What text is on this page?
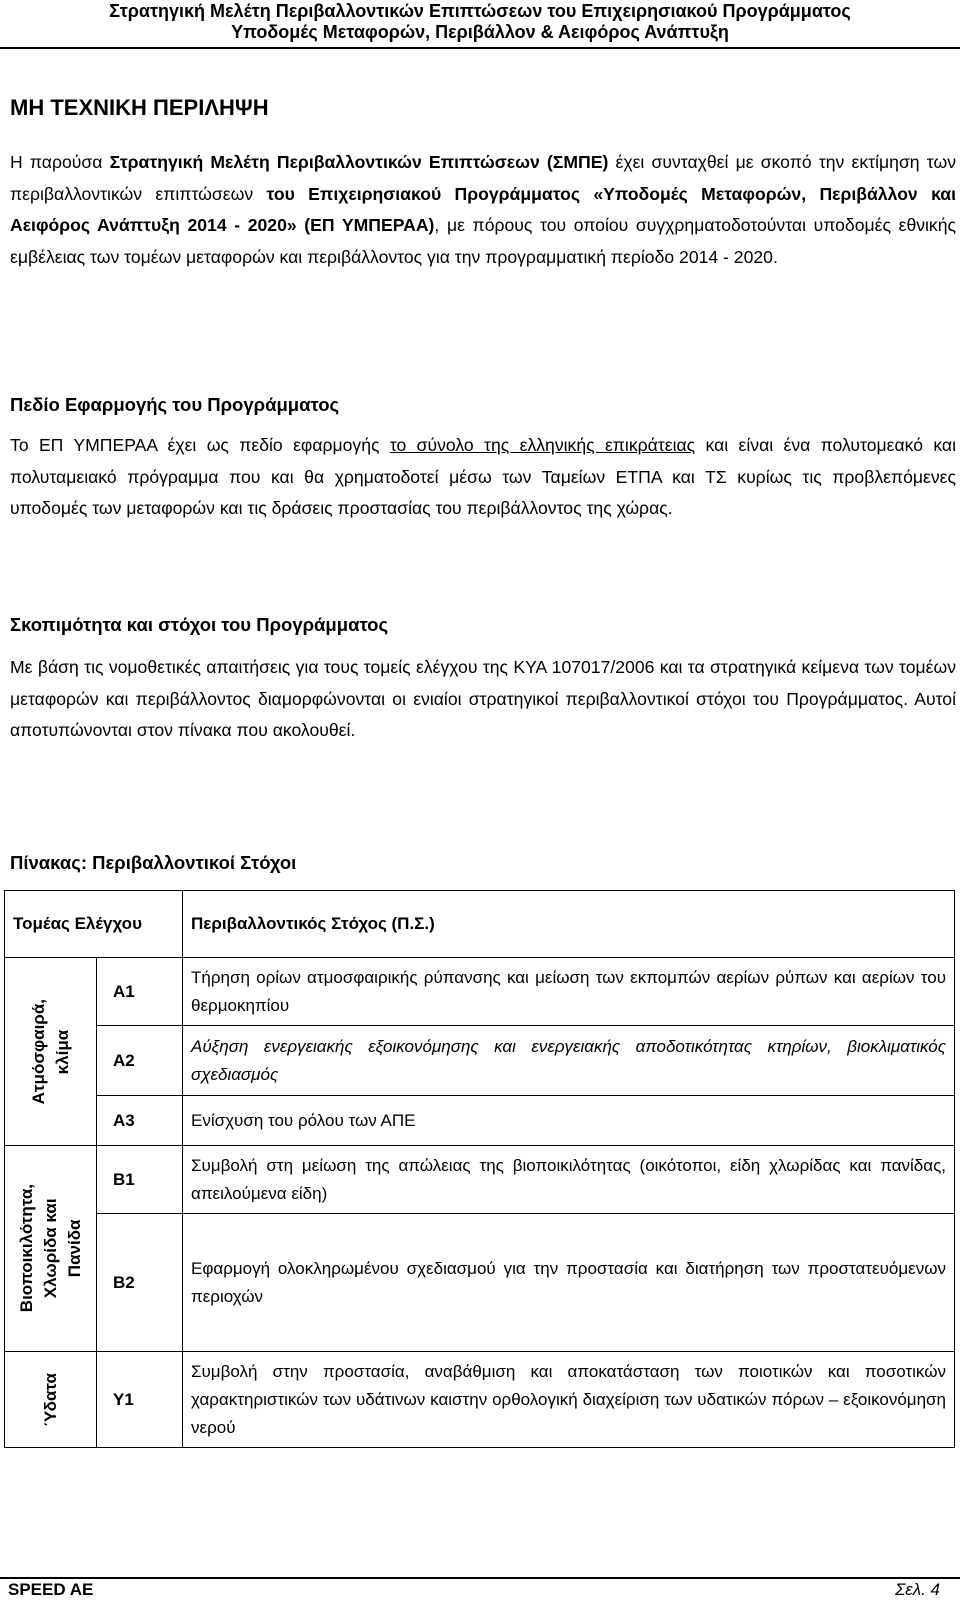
Στρατηγική Μελέτη Περιβαλλοντικών Επιπτώσεων του Επιχειρησιακού Προγράμματος
Υποδομές Μεταφορών, Περιβάλλον & Αειφόρος Ανάπτυξη
ΜΗ ΤΕΧΝΙΚΗ ΠΕΡΙΛΗΨΗ
Η παρούσα Στρατηγική Μελέτη Περιβαλλοντικών Επιπτώσεων (ΣΜΠΕ) έχει συνταχθεί με σκοπό την εκτίμηση των περιβαλλοντικών επιπτώσεων του Επιχειρησιακού Προγράμματος «Υποδομές Μεταφορών, Περιβάλλον και Αειφόρος Ανάπτυξη 2014 - 2020» (ΕΠ ΥΜΠΕΡΑΑ), με πόρους του οποίου συγχρηματοδοτούνται υποδομές εθνικής εμβέλειας των τομέων μεταφορών και περιβάλλοντος για την προγραμματική περίοδο 2014 - 2020.
Πεδίο Εφαρμογής του Προγράμματος
Το ΕΠ ΥΜΠΕΡΑΑ έχει ως πεδίο εφαρμογής το σύνολο της ελληνικής επικράτειας και είναι ένα πολυτομεακό και πολυταμειακό πρόγραμμα που και θα χρηματοδοτεί μέσω των Ταμείων ΕΤΠΑ και ΤΣ κυρίως τις προβλεπόμενες υποδομές των μεταφορών και τις δράσεις προστασίας του περιβάλλοντος της χώρας.
Σκοπιμότητα και στόχοι του Προγράμματος
Με βάση τις νομοθετικές απαιτήσεις για τους τομείς ελέγχου της ΚΥΑ 107017/2006 και τα στρατηγικά κείμενα των τομέων μεταφορών και περιβάλλοντος διαμορφώνονται οι ενιαίοι στρατηγικοί περιβαλλοντικοί στόχοι του Προγράμματος. Αυτοί αποτυπώνονται στον πίνακα που ακολουθεί.
Πίνακας: Περιβαλλοντικοί Στόχοι
Τομέας Ελέγχου		Περιβαλλοντικός Στόχος (Π.Σ.)

Ατμόσφαιρά,
κλίμα	Α1	Τήρηση ορίων ατμοσφαιρικής ρύπανσης και μείωση των εκπομπών αερίων ρύπων και αερίων του θερμοκηπίου
	Α2	Αύξηση ενεργειακής εξοικονόμησης και ενεργειακής αποδοτικότητας κτηρίων, βιοκλιματικός σχεδιασμός
	Α3	Ενίσχυση του ρόλου των ΑΠΕ

Βιοποικιλότητα,
Χλωρίδα και
Πανίδα	Β1	Συμβολή στη μείωση της απώλειας της βιοποικιλότητας (οικότοποι, είδη χλωρίδας και πανίδας, απειλούμενα είδη)
	Β2	Εφαρμογή ολοκληρωμένου σχεδιασμού για την προστασία και διατήρηση των προστατευόμενων περιοχών

Ύδατα	Υ1	Συμβολή στην προστασία, αναβάθμιση και αποκατάσταση των ποιοτικών και ποσοτικών χαρακτηριστικών των υδάτινων καιστην ορθολογική διαχείριση των υδατικών πόρων – εξοικονόμηση νερού
SPEED AE	Σελ. 4
